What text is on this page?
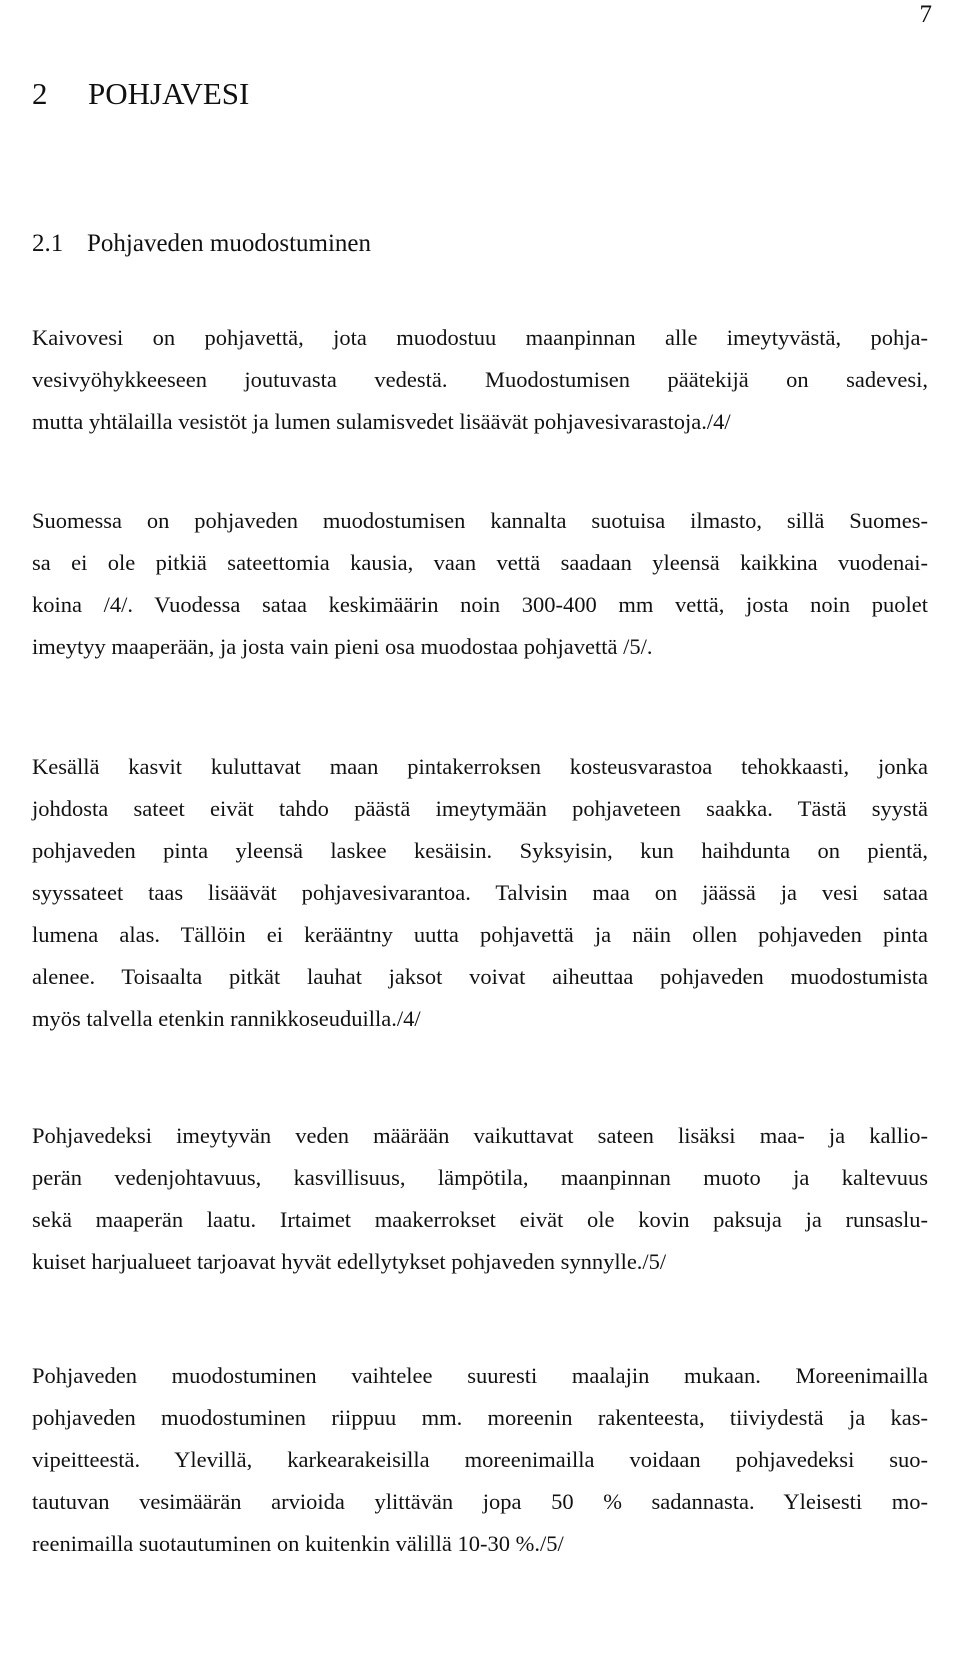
7
2 POHJAVESI
2.1 Pohjaveden muodostuminen
Kaivovesi on pohjavettä, jota muodostuu maanpinnan alle imeytyvästä, pohja-
vesivyöhykkeeseen joutuvasta vedestä. Muodostumisen päätekijä on sadevesi,
mutta yhtälailla vesistöt ja lumen sulamisvedet lisäävät pohjavesivarastoja./4/
Suomessa on pohjaveden muodostumisen kannalta suotuisa ilmasto, sillä Suomes-
sa ei ole pitkiä sateettomia kausia, vaan vettä saadaan yleensä kaikkina vuodenai-
koina /4/. Vuodessa sataa keskimäärin noin 300-400 mm vettä, josta noin puolet
imeytyy maaperään, ja josta vain pieni osa muodostaa pohjavettä /5/.
Kesällä kasvit kuluttavat maan pintakerroksen kosteusvarastoa tehokkaasti, jonka
johdosta sateet eivät tahdo päästä imeytymään pohjaveteen saakka. Tästä syystä
pohjaveden pinta yleensä laskee kesäisin. Syksyisin, kun haihdunta on pientä,
syyssateet taas lisäävät pohjavesivarantoa. Talvisin maa on jäässä ja vesi sataa
lumena alas. Tällöin ei kerääntny uutta pohjavettä ja näin ollen pohjaveden pinta
alenee. Toisaalta pitkät lauhat jaksot voivat aiheuttaa pohjaveden muodostumista
myös talvella etenkin rannikkoseuduilla./4/
Pohjavedeksi imeytyvän veden määrään vaikuttavat sateen lisäksi maa- ja kallio-
perän vedenjohtavuus, kasvillisuus, lämpötila, maanpinnan muoto ja kaltevuus
sekä maaperän laatu. Irtaimet maakerrokset eivät ole kovin paksuja ja runsaslu-
kuiset harjualueet tarjoavat hyvät edellytykset pohjaveden synnylle./5/
Pohjaveden muodostuminen vaihtelee suuresti maalajin mukaan. Moreenimailla
pohjaveden muodostuminen riippuu mm. moreenin rakenteesta, tiiviydestä ja kas-
vipeitteestä. Ylevillä, karkearakeisilla moreenimailla voidaan pohjavedeksi suo-
tautuvan vesimäärän arvioida ylittävän jopa 50 % sadannasta. Yleisesti mo-
reenimailla suotautuminen on kuitenkin välillä 10-30 %./5/
